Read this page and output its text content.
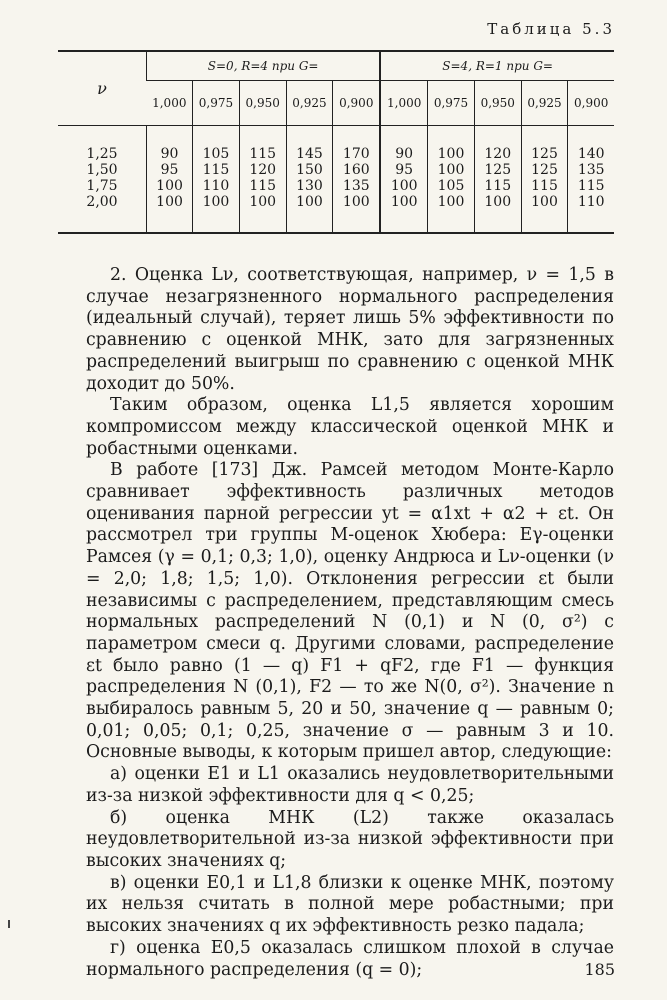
Таблица 5.3
ν	S=0, R=4 при G=					S=4, R=1 при G=				
	1,000	0,975	0,950	0,925	0,900	1,000	0,975	0,950	0,925	0,900
1,25	90	105	115	145	170	90	100	120	125	140
1,50	95	115	120	150	160	95	100	125	125	135
1,75	100	110	115	130	135	100	105	115	115	115
2,00	100	100	100	100	100	100	100	100	100	110

2. Оценка Lν, соответствующая, например, ν = 1,5 в случае незагрязненного нормального распределения (идеальный случай), теряет лишь 5% эффективности по сравнению с оценкой МНК, зато для загрязненных распределений выигрыш по сравнению с оценкой МНК доходит до 50%.

Таким образом, оценка L1,5 является хорошим компромиссом между классической оценкой МНК и робастными оценками.

В работе [173] Дж. Рамсей методом Монте-Карло сравнивает эффективность различных методов оценивания парной регрессии yt = α1xt + α2 + εt. Он рассмотрел три группы M-оценок Хюбера: Eγ-оценки Рамсея (γ = 0,1; 0,3; 1,0), оценку Андрюса и Lν-оценки (ν = 2,0; 1,8; 1,5; 1,0). Отклонения регрессии εt были независимы с распределением, представляющим смесь нормальных распределений N (0,1) и N (0, σ²) с параметром смеси q. Другими словами, распределение εt было равно (1 — q) F1 + qF2, где F1 — функция распределения N (0,1), F2 — то же N(0, σ²). Значение n выбиралось равным 5, 20 и 50, значение q — равным 0; 0,01; 0,05; 0,1; 0,25, значение σ — равным 3 и 10. Основные выводы, к которым пришел автор, следующие:

а) оценки E1 и L1 оказались неудовлетворительными из-за низкой эффективности для q < 0,25;

б) оценка МНК (L2) также оказалась неудовлетворительной из-за низкой эффективности при высоких значениях q;

в) оценки E0,1 и L1,8 близки к оценке МНК, поэтому их нельзя считать в полной мере робастными; при высоких значениях q их эффективность резко падала;

г) оценка E0,5 оказалась слишком плохой в случае нормального распределения (q = 0);	185
